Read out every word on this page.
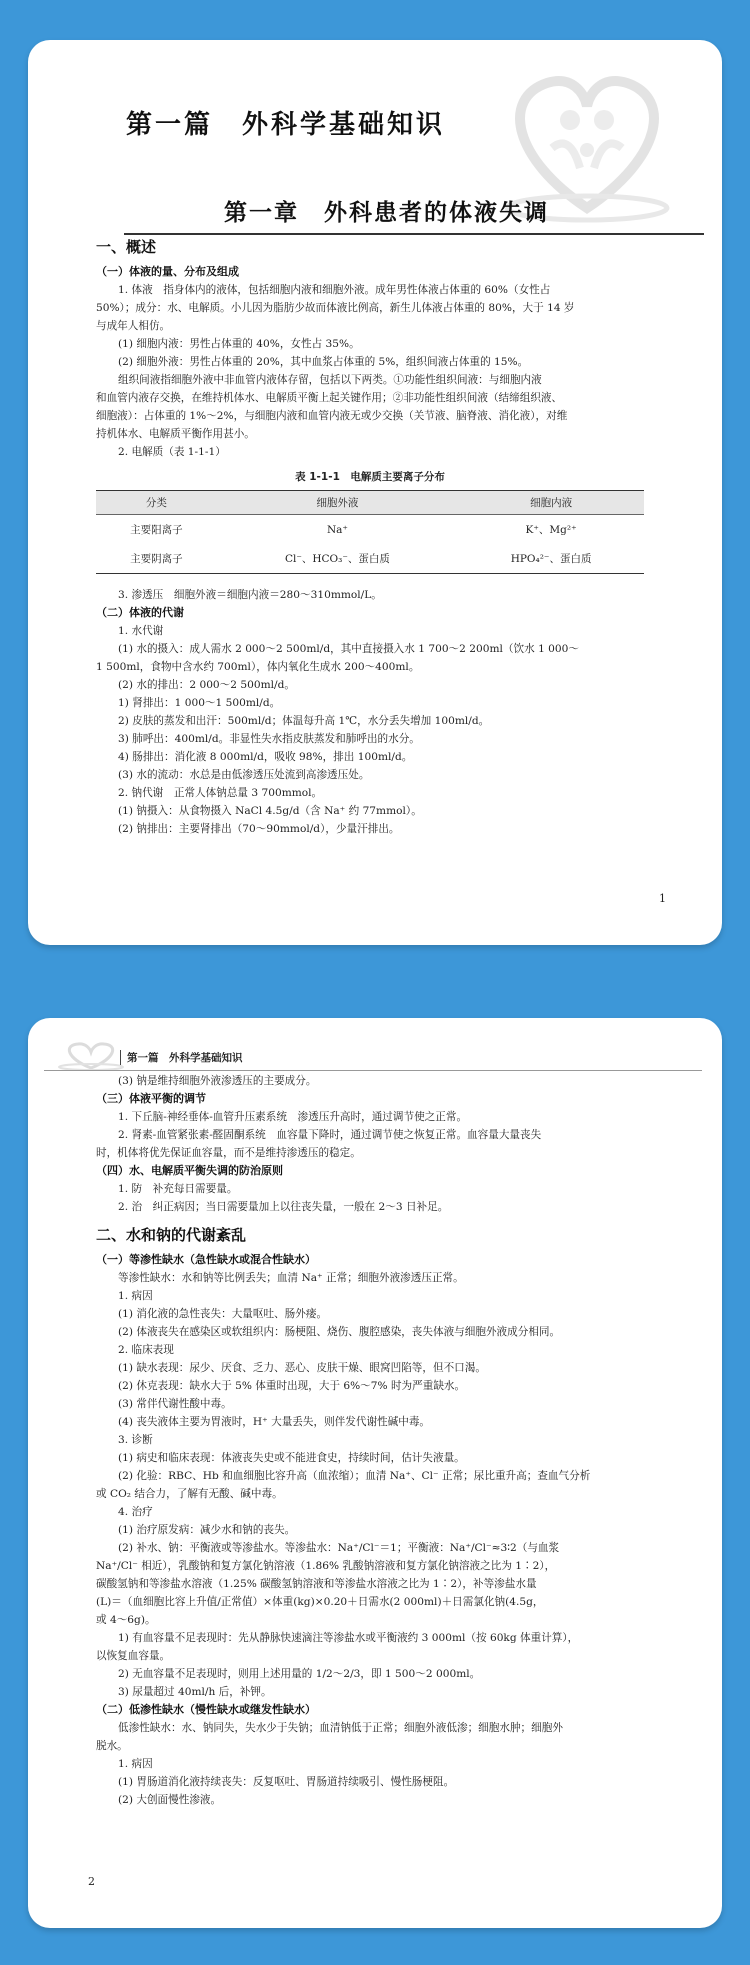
第一篇　外科学基础知识
第一章　外科患者的体液失调
1
一、概述
（一）体液的量、分布及组成
1. 体液　指身体内的液体，包括细胞内液和细胞外液。成年男性体液占体重的 60%（女性占
50%）；成分：水、电解质。小儿因为脂肪少故而体液比例高，新生儿体液占体重的 80%，大于 14 岁
与成年人相仿。
(1) 细胞内液：男性占体重的 40%，女性占 35%。
(2) 细胞外液：男性占体重的 20%，其中血浆占体重的 5%，组织间液占体重的 15%。
组织间液指细胞外液中非血管内液体存留，包括以下两类。①功能性组织间液：与细胞内液
和血管内液存交换，在维持机体水、电解质平衡上起关键作用；②非功能性组织间液（结缔组织液、
细胞液）：占体重的 1%～2%，与细胞内液和血管内液无或少交换（关节液、脑脊液、消化液），对维
持机体水、电解质平衡作用甚小。
2. 电解质（表 1-1-1）
表 1-1-1　电解质主要离子分布
分类	细胞外液	细胞内液
主要阳离子	Na⁺	K⁺、Mg²⁺
主要阴离子	Cl⁻、HCO₃⁻、蛋白质	HPO₄²⁻、蛋白质
3. 渗透压　细胞外液＝细胞内液＝280～310mmol/L。
（二）体液的代谢
1. 水代谢
(1) 水的摄入：成人需水 2 000～2 500ml/d，其中直接摄入水 1 700～2 200ml（饮水 1 000～
1 500ml，食物中含水约 700ml），体内氧化生成水 200～400ml。
(2) 水的排出：2 000～2 500ml/d。
1) 肾排出：1 000～1 500ml/d。
2) 皮肤的蒸发和出汗：500ml/d；体温每升高 1℃，水分丢失增加 100ml/d。
3) 肺呼出：400ml/d。非显性失水指皮肤蒸发和肺呼出的水分。
4) 肠排出：消化液 8 000ml/d，吸收 98%，排出 100ml/d。
(3) 水的流动：水总是由低渗透压处流到高渗透压处。
2. 钠代谢　正常人体钠总量 3 700mmol。
(1) 钠摄入：从食物摄入 NaCl 4.5g/d（含 Na⁺ 约 77mmol）。
(2) 钠排出：主要肾排出（70～90mmol/d），少量汗排出。
第一篇　外科学基础知识
2
(3) 钠是维持细胞外液渗透压的主要成分。
（三）体液平衡的调节
1. 下丘脑-神经垂体-血管升压素系统　渗透压升高时，通过调节使之正常。
2. 肾素-血管紧张素-醛固酮系统　血容量下降时，通过调节使之恢复正常。血容量大量丧失
时，机体将优先保证血容量，而不是维持渗透压的稳定。
（四）水、电解质平衡失调的防治原则
1. 防　补充每日需要量。
2. 治　纠正病因；当日需要量加上以往丧失量，一般在 2～3 日补足。
二、水和钠的代谢紊乱
（一）等渗性缺水（急性缺水或混合性缺水）
等渗性缺水：水和钠等比例丢失；血清 Na⁺ 正常；细胞外液渗透压正常。
1. 病因
(1) 消化液的急性丧失：大量呕吐、肠外瘘。
(2) 体液丧失在感染区或软组织内：肠梗阻、烧伤、腹腔感染，丧失体液与细胞外液成分相同。
2. 临床表现
(1) 缺水表现：尿少、厌食、乏力、恶心、皮肤干燥、眼窝凹陷等，但不口渴。
(2) 休克表现：缺水大于 5% 体重时出现，大于 6%～7% 时为严重缺水。
(3) 常伴代谢性酸中毒。
(4) 丧失液体主要为胃液时，H⁺ 大量丢失，则伴发代谢性碱中毒。
3. 诊断
(1) 病史和临床表现：体液丧失史或不能进食史，持续时间，估计失液量。
(2) 化验：RBC、Hb 和血细胞比容升高（血浓缩）；血清 Na⁺、Cl⁻ 正常；尿比重升高；查血气分析
或 CO₂ 结合力，了解有无酸、碱中毒。
4. 治疗
(1) 治疗原发病：减少水和钠的丧失。
(2) 补水、钠：平衡液或等渗盐水。等渗盐水：Na⁺/Cl⁻＝1；平衡液：Na⁺/Cl⁻≈3∶2（与血浆
Na⁺/Cl⁻ 相近），乳酸钠和复方氯化钠溶液（1.86% 乳酸钠溶液和复方氯化钠溶液之比为 1∶2），
碳酸氢钠和等渗盐水溶液（1.25% 碳酸氢钠溶液和等渗盐水溶液之比为 1∶2），补等渗盐水量
(L)＝（血细胞比容上升值/正常值）×体重(kg)×0.20＋日需水(2 000ml)＋日需氯化钠(4.5g，
或 4～6g)。
1) 有血容量不足表现时：先从静脉快速滴注等渗盐水或平衡液约 3 000ml（按 60kg 体重计算），
以恢复血容量。
2) 无血容量不足表现时，则用上述用量的 1/2～2/3，即 1 500～2 000ml。
3) 尿量超过 40ml/h 后，补钾。
（二）低渗性缺水（慢性缺水或继发性缺水）
低渗性缺水：水、钠同失，失水少于失钠；血清钠低于正常；细胞外液低渗；细胞水肿；细胞外
脱水。
1. 病因
(1) 胃肠道消化液持续丧失：反复呕吐、胃肠道持续吸引、慢性肠梗阻。
(2) 大创面慢性渗液。
